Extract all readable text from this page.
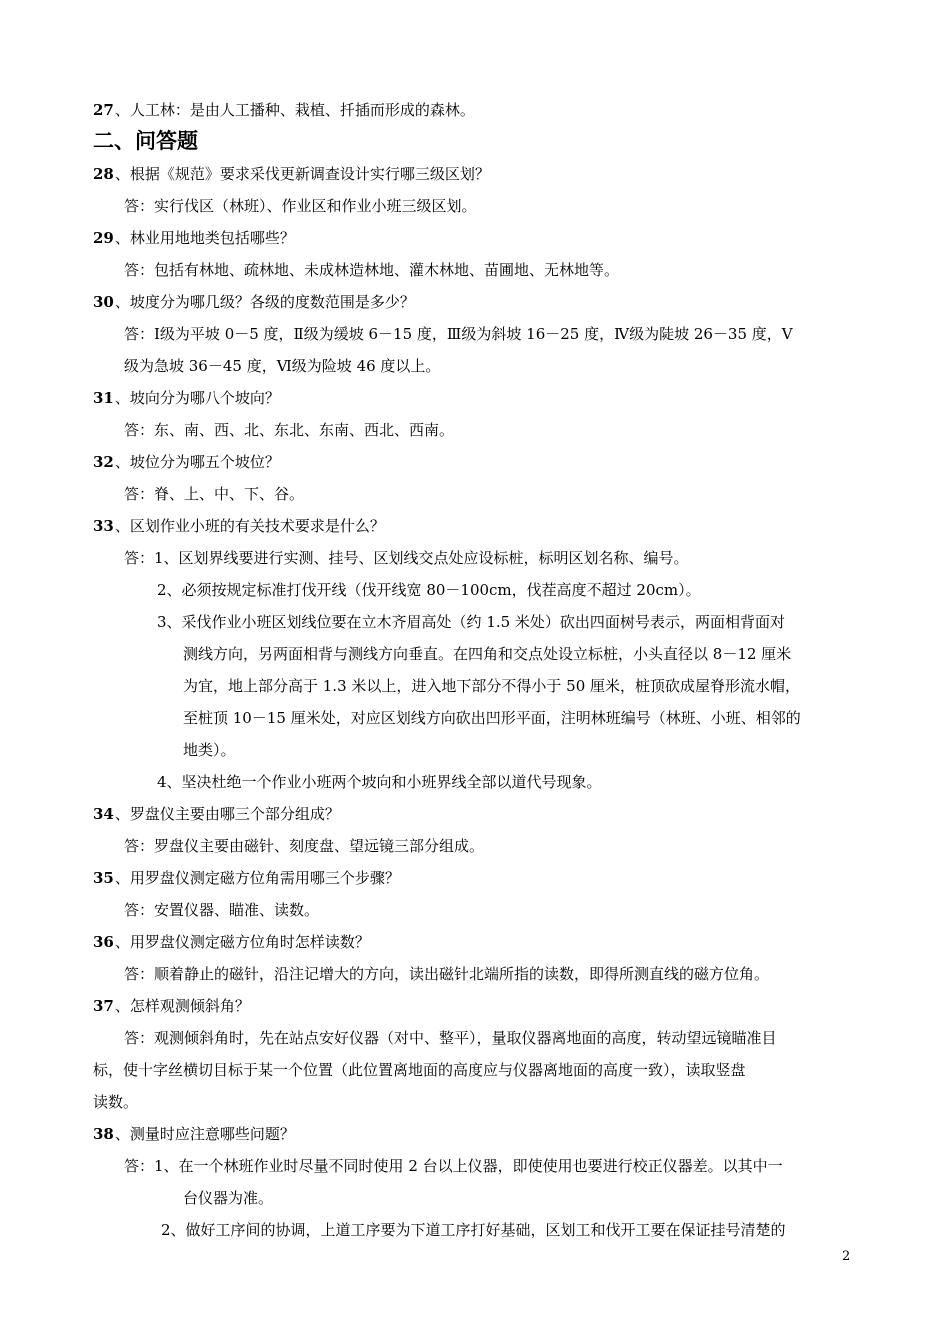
27、人工林：是由人工播种、栽植、扦插而形成的森林。
二、问答题
28、根据《规范》要求采伐更新调查设计实行哪三级区划？
答：实行伐区（林班）、作业区和作业小班三级区划。
29、林业用地地类包括哪些？
答：包括有林地、疏林地、未成林造林地、灌木林地、苗圃地、无林地等。
30、坡度分为哪几级？各级的度数范围是多少？
答：Ⅰ级为平坡 0－5 度，Ⅱ级为缓坡 6－15 度，Ⅲ级为斜坡 16－25 度，Ⅳ级为陡坡 26－35 度，Ⅴ
级为急坡 36－45 度，Ⅵ级为险坡 46 度以上。
31、坡向分为哪八个坡向？
答：东、南、西、北、东北、东南、西北、西南。
32、坡位分为哪五个坡位？
答：脊、上、中、下、谷。
33、区划作业小班的有关技术要求是什么？
答：1、区划界线要进行实测、挂号、区划线交点处应设标桩，标明区划名称、编号。
2、必须按规定标准打伐开线（伐开线宽 80－100cm，伐茬高度不超过 20cm）。
3、采伐作业小班区划线位要在立木齐眉高处（约 1.5 米处）砍出四面树号表示，两面相背面对
测线方向，另两面相背与测线方向垂直。在四角和交点处设立标桩，小头直径以 8－12 厘米
为宜，地上部分高于 1.3 米以上，进入地下部分不得小于 50 厘米，桩顶砍成屋脊形流水帽，
至桩顶 10－15 厘米处，对应区划线方向砍出凹形平面，注明林班编号（林班、小班、相邻的
地类）。
4、坚决杜绝一个作业小班两个坡向和小班界线全部以道代号现象。
34、罗盘仪主要由哪三个部分组成？
答：罗盘仪主要由磁针、刻度盘、望远镜三部分组成。
35、用罗盘仪测定磁方位角需用哪三个步骤？
答：安置仪器、瞄准、读数。
36、用罗盘仪测定磁方位角时怎样读数？
答：顺着静止的磁针，沿注记增大的方向，读出磁针北端所指的读数，即得所测直线的磁方位角。
37、怎样观测倾斜角？
答：观测倾斜角时，先在站点安好仪器（对中、整平），量取仪器离地面的高度，转动望远镜瞄准目
标，使十字丝横切目标于某一个位置（此位置离地面的高度应与仪器离地面的高度一致），读取竖盘
读数。
38、测量时应注意哪些问题？
答：1、在一个林班作业时尽量不同时使用 2 台以上仪器，即使使用也要进行校正仪器差。以其中一
台仪器为准。
2、做好工序间的协调，上道工序要为下道工序打好基础，区划工和伐开工要在保证挂号清楚的
2
